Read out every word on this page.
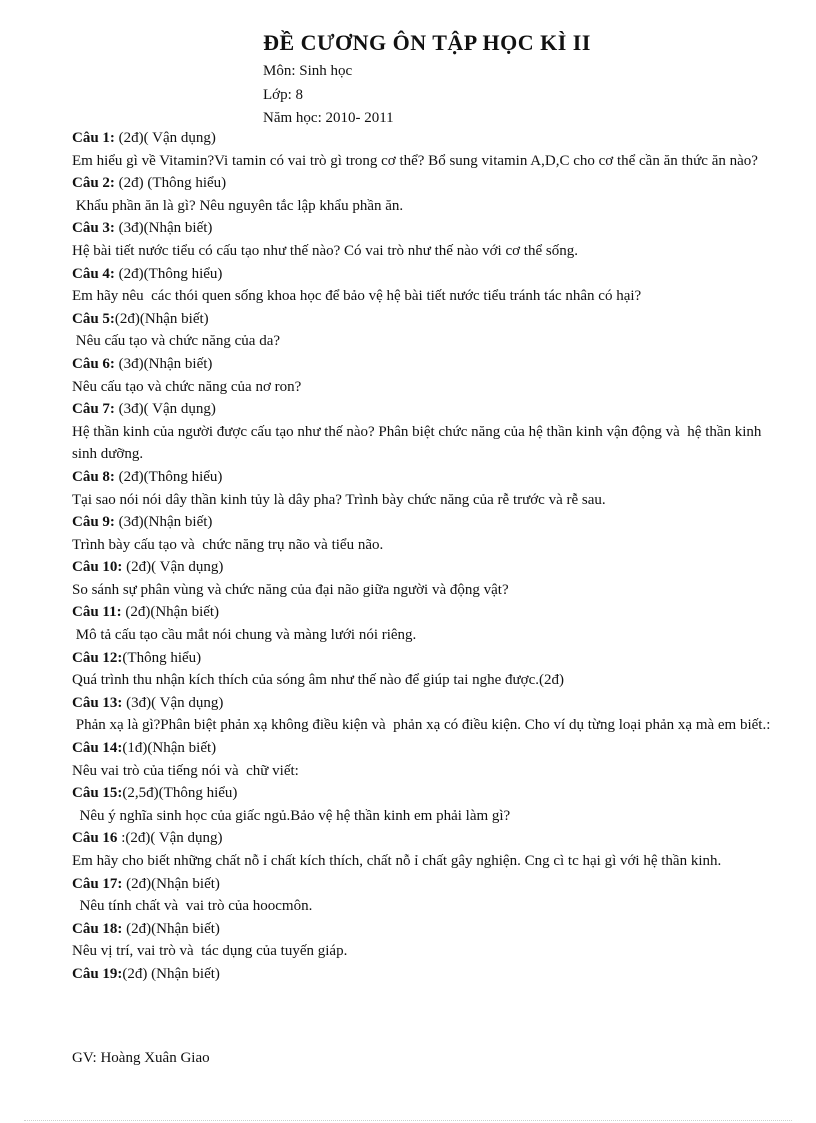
ĐỀ CƯƠNG ÔN TẬP HỌC KÌ II
Môn: Sinh học
Lớp: 8
Năm học: 2010- 2011
Câu 1: (2đ)( Vận dụng)
Em hiểu gì về Vitamin?Vi tamin có vai trò gì trong cơ thể? Bổ sung vitamin A,D,C cho cơ thể cần ăn thức ăn nào?
Câu 2: (2đ) (Thông hiểu)
Khẩu phần ăn là gì? Nêu nguyên tắc lập khẩu phần ăn.
Câu 3: (3đ)(Nhận biết)
Hệ bài tiết nước tiểu có cấu tạo như thế nào? Có vai trò như thế nào với cơ thể sống.
Câu 4: (2đ)(Thông hiểu)
Em hãy nêu  các thói quen sống khoa học để bảo vệ hệ bài tiết nước tiểu tránh tác nhân có hại?
Câu 5:(2đ)(Nhận biết)
Nêu cấu tạo và chức năng của da?
Câu 6: (3đ)(Nhận biết)
Nêu cấu tạo và chức năng của nơ ron?
Câu 7: (3đ)( Vận dụng)
Hệ thần kinh của người được cấu tạo như thế nào? Phân biệt chức năng của hệ thần kinh vận động và  hệ thần kinh sinh dưỡng.
Câu 8: (2đ)(Thông hiểu)
Tại sao nói nói dây thần kinh tủy là dây pha? Trình bày chức năng của rễ trước và rễ sau.
Câu 9: (3đ)(Nhận biết)
Trình bày cấu tạo và  chức năng trụ não và tiểu não.
Câu 10: (2đ)( Vận dụng)
So sánh sự phân vùng và chức năng của đại não giữa người và động vật?
Câu 11: (2đ)(Nhận biết)
Mô tả cấu tạo cầu mắt nói chung và màng lưới nói riêng.
Câu 12:(Thông hiểu)
Quá trình thu nhận kích thích của sóng âm như thế nào để giúp tai nghe được.(2đ)
Câu 13: (3đ)( Vận dụng)
Phản xạ là gì?Phân biệt phản xạ không điều kiện và  phản xạ có điều kiện. Cho ví dụ từng loại phản xạ mà em biết.:
Câu 14:(1đ)(Nhận biết)
Nêu vai trò của tiếng nói và  chữ viết:
Câu 15:(2,5đ)(Thông hiểu)
Nêu ý nghĩa sinh học của giấc ngủ.Bảo vệ hệ thần kinh em phải làm gì?
Câu 16 :(2đ)( Vận dụng)
Em hãy cho biết những chất nỗ ỉ chất kích thích, chất nỗ ỉ chất gây nghiện. Cng cì tc hại gì với hệ thần kinh.
Câu 17: (2đ)(Nhận biết)
Nêu tính chất và  vai trò của hoocmôn.
Câu 18: (2đ)(Nhận biết)
Nêu vị trí, vai trò và  tác dụng của tuyến giáp.
Câu 19:(2đ) (Nhận biết)
GV: Hoàng Xuân Giao
